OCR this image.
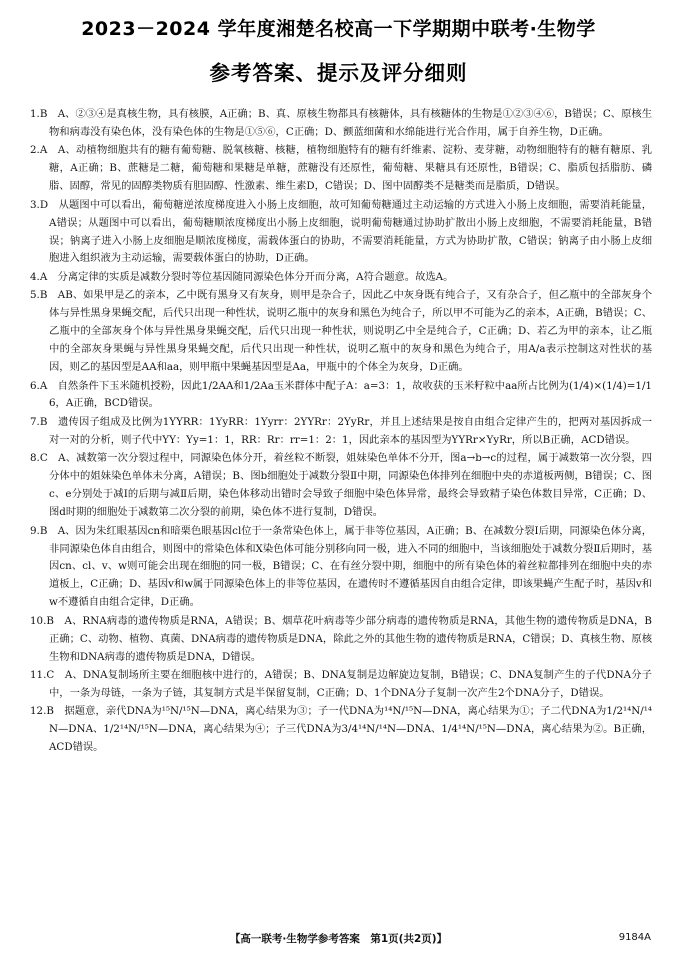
2023－2024 学年度湘楚名校高一下学期期中联考·生物学
参考答案、提示及评分细则

1.B　A、②③④是真核生物，具有核膜，A正确；B、真、原核生物都具有核糖体，具有核糖体的生物是①②③④⑥，B错误；C、原核生物和病毒没有染色体，没有染色体的生物是①⑤⑥，C正确；D、颤蓝细菌和水绵能进行光合作用，属于自养生物，D正确。

2.A　A、动植物细胞共有的糖有葡萄糖、脱氧核糖、核糖，植物细胞特有的糖有纤维素、淀粉、麦芽糖，动物细胞特有的糖有糖原、乳糖，A正确；B、蔗糖是二糖，葡萄糖和果糖是单糖，蔗糖没有还原性，葡萄糖、果糖具有还原性，B错误；C、脂质包括脂肪、磷脂、固醇，常见的固醇类物质有胆固醇、性激素、维生素D，C错误；D、图中固醇类不是糖类而是脂质，D错误。

3.D　从题图中可以看出，葡萄糖逆浓度梯度进入小肠上皮细胞，故可知葡萄糖通过主动运输的方式进入小肠上皮细胞，需要消耗能量，A错误；从题图中可以看出，葡萄糖顺浓度梯度出小肠上皮细胞，说明葡萄糖通过协助扩散出小肠上皮细胞，不需要消耗能量，B错误；钠离子进入小肠上皮细胞是顺浓度梯度，需载体蛋白的协助，不需要消耗能量，方式为协助扩散，C错误；钠离子由小肠上皮细胞进入组织液为主动运输，需要载体蛋白的协助，D正确。

4.A　分离定律的实质是减数分裂时等位基因随同源染色体分开而分离，A符合题意。故选A。

5.B　AB、如果甲是乙的亲本，乙中既有黑身又有灰身，则甲是杂合子，因此乙中灰身既有纯合子，又有杂合子，但乙瓶中的全部灰身个体与异性黑身果蝇交配，后代只出现一种性状，说明乙瓶中的灰身和黑色为纯合子，所以甲不可能为乙的亲本，A正确，B错误；C、乙瓶中的全部灰身个体与异性黑身果蝇交配，后代只出现一种性状，则说明乙中全是纯合子，C正确；D、若乙为甲的亲本，让乙瓶中的全部灰身果蝇与异性黑身果蝇交配，后代只出现一种性状，说明乙瓶中的灰身和黑色为纯合子，用A/a表示控制这对性状的基因，则乙的基因型是AA和aa，则甲瓶中果蝇基因型是Aa，甲瓶中的个体全为灰身，D正确。

6.A　自然条件下玉米随机授粉，因此1/2AA和1/2Aa玉米群体中配子A：a=3：1，故收获的玉米籽粒中aa所占比例为(1/4)×(1/4)=1/16，A正确，BCD错误。

7.B　遗传因子组成及比例为1YYRR：1YyRR：1Yyrr：2YYRr：2YyRr，并且上述结果是按自由组合定律产生的，把两对基因拆成一对一对的分析，则子代中YY：Yy=1：1，RR：Rr：rr=1：2：1，因此亲本的基因型为YYRr×YyRr，所以B正确，ACD错误。

8.C　A、减数第一次分裂过程中，同源染色体分开，着丝粒不断裂，姐妹染色单体不分开，图a→b→c的过程，属于减数第一次分裂，四分体中的姐妹染色单体未分离，A错误；B、图b细胞处于减数分裂Ⅱ中期，同源染色体排列在细胞中央的赤道板两侧，B错误；C、图c、e分别处于减Ⅰ的后期与减Ⅱ后期，染色体移动出错时会导致子细胞中染色体异常，最终会导致精子染色体数目异常，C正确；D、图d时期的细胞处于减数第二次分裂的前期，染色体不进行复制，D错误。

9.B　A、因为朱红眼基因cn和暗栗色眼基因cl位于一条常染色体上，属于非等位基因，A正确；B、在减数分裂Ⅰ后期，同源染色体分离，非同源染色体自由组合，则图中的常染色体和X染色体可能分别移向同一极，进入不同的细胞中，当该细胞处于减数分裂Ⅱ后期时，基因cn、cl、v、w则可能会出现在细胞的同一极，B错误；C、在有丝分裂中期，细胞中的所有染色体的着丝粒都排列在细胞中央的赤道板上，C正确；D、基因v和w属于同源染色体上的非等位基因，在遗传时不遵循基因自由组合定律，即该果蝇产生配子时，基因v和w不遵循自由组合定律，D正确。

10.B　A、RNA病毒的遗传物质是RNA，A错误；B、烟草花叶病毒等少部分病毒的遗传物质是RNA，其他生物的遗传物质是DNA，B正确；C、动物、植物、真菌、DNA病毒的遗传物质是DNA，除此之外的其他生物的遗传物质是RNA，C错误；D、真核生物、原核生物和DNA病毒的遗传物质是DNA，D错误。

11.C　A、DNA复制场所主要在细胞核中进行的，A错误；B、DNA复制是边解旋边复制，B错误；C、DNA复制产生的子代DNA分子中，一条为母链，一条为子链，其复制方式是半保留复制，C正确；D、1个DNA分子复制一次产生2个DNA分子，D错误。

12.B　据题意，亲代DNA为¹⁵N/¹⁵N—DNA，离心结果为③；子一代DNA为¹⁴N/¹⁵N—DNA，离心结果为①；子二代DNA为1/2¹⁴N/¹⁴N—DNA、1/2¹⁴N/¹⁵N—DNA，离心结果为④；子三代DNA为3/4¹⁴N/¹⁴N—DNA、1/4¹⁴N/¹⁵N—DNA，离心结果为②。B正确，ACD错误。

【高一联考·生物学参考答案　第1页(共2页)】	9184A
